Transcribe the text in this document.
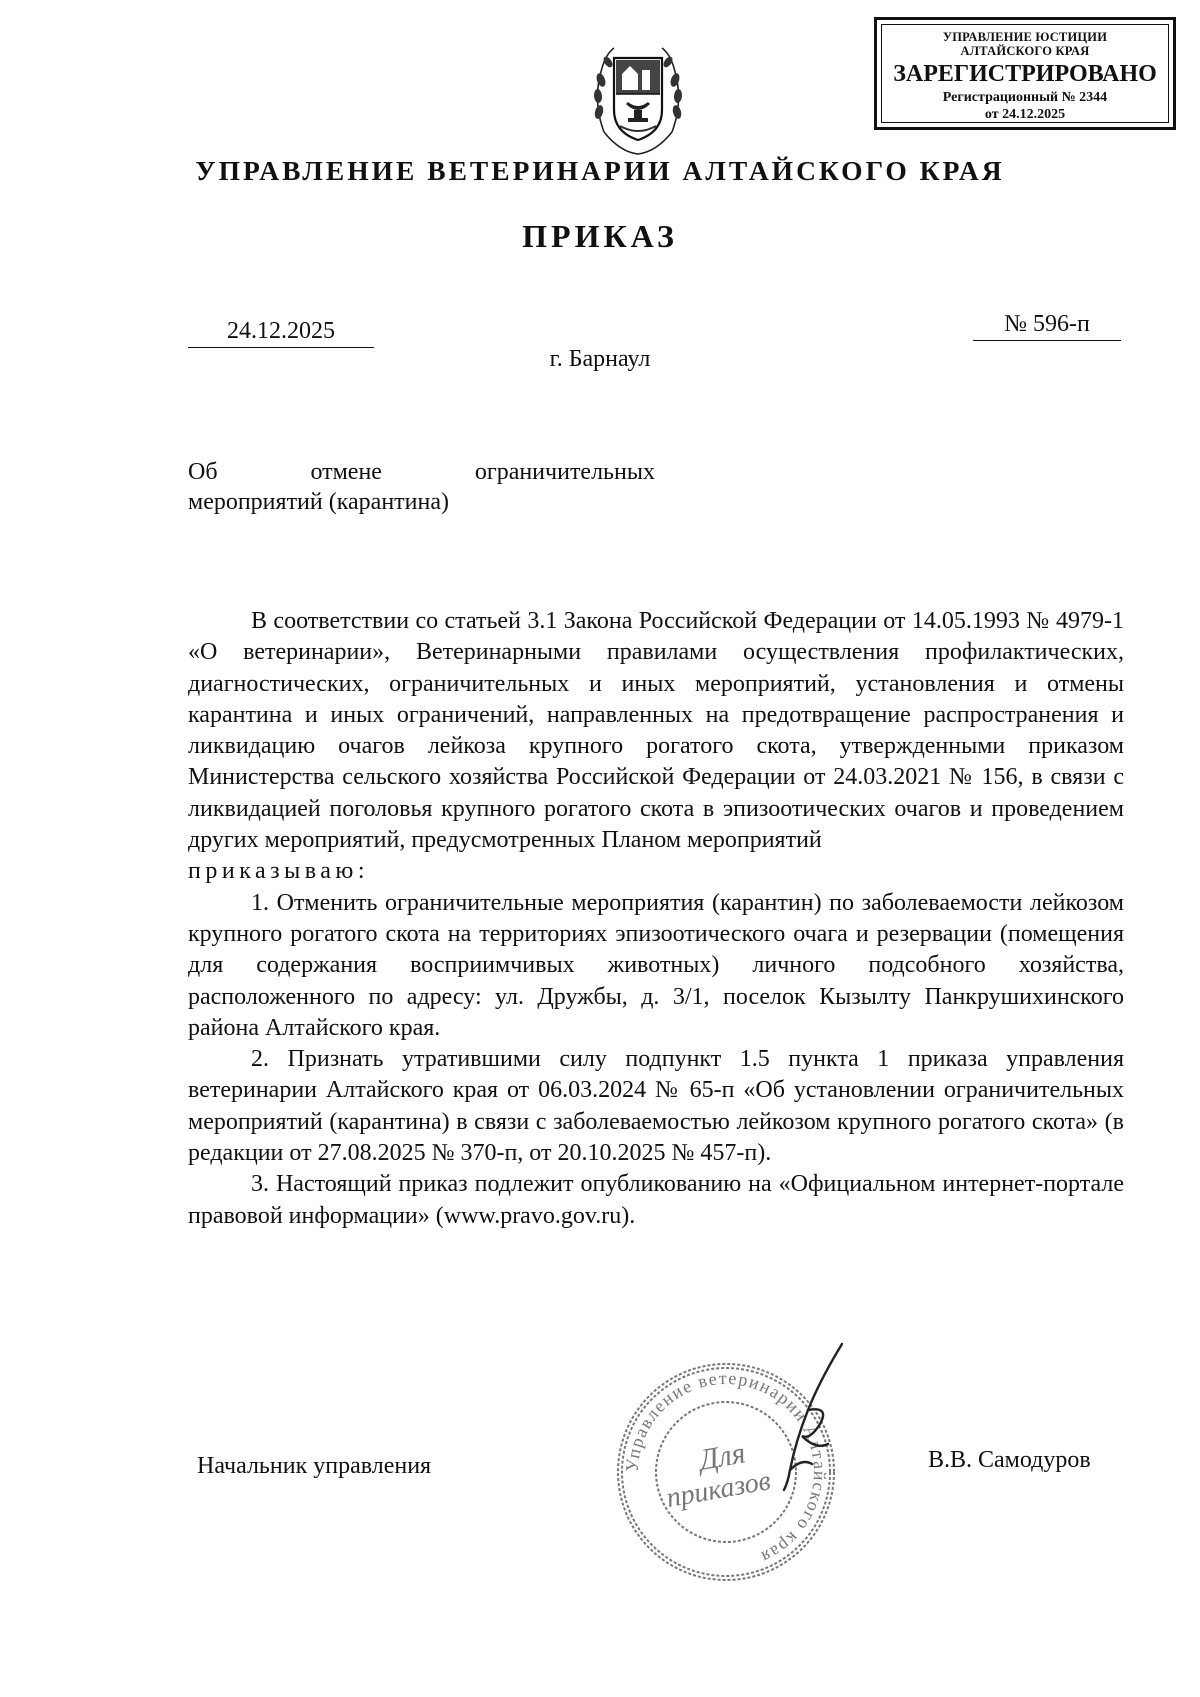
УПРАВЛЕНИЕ ЮСТИЦИИ
АЛТАЙСКОГО КРАЯ
ЗАРЕГИСТРИРОВАНО
Регистрационный № 2344
от 24.12.2025
УПРАВЛЕНИЕ ВЕТЕРИНАРИИ АЛТАЙСКОГО КРАЯ
ПРИКАЗ
24.12.2025	№ 596-п
г. Барнаул
Об	отмене	ограничительных
мероприятий (карантина)

В соответствии со статьей 3.1 Закона Российской Федерации от 14.05.1993 № 4979-1 «О ветеринарии», Ветеринарными правилами осуществления профилактических, диагностических, ограничительных и иных мероприятий, установления и отмены карантина и иных ограничений, направленных на предотвращение распространения и ликвидацию очагов лейкоза крупного рогатого скота, утвержденными приказом Министерства сельского хозяйства Российской Федерации от 24.03.2021 № 156, в связи с ликвидацией поголовья крупного рогатого скота в эпизоотических очагов и проведением других мероприятий, предусмотренных Планом мероприятий

приказываю:

1. Отменить ограничительные мероприятия (карантин) по заболеваемости лейкозом крупного рогатого скота на территориях эпизоотического очага и резервации (помещения для содержания восприимчивых животных) личного подсобного хозяйства, расположенного по адресу: ул. Дружбы, д. 3/1, поселок Кызылту Панкрушихинского района Алтайского края.

2. Признать утратившими силу подпункт 1.5 пункта 1 приказа управления ветеринарии Алтайского края от 06.03.2024 № 65-п «Об установлении ограничительных мероприятий (карантина) в связи с заболеваемостью лейкозом крупного рогатого скота» (в редакции от 27.08.2025 № 370-п, от 20.10.2025 № 457-п).

3. Настоящий приказ подлежит опубликованию на «Официальном интернет-портале правовой информации» (www.pravo.gov.ru).

Управление ветеринарии Алтайского края
Для
приказов
Начальник управления	В.В. Самодуров
